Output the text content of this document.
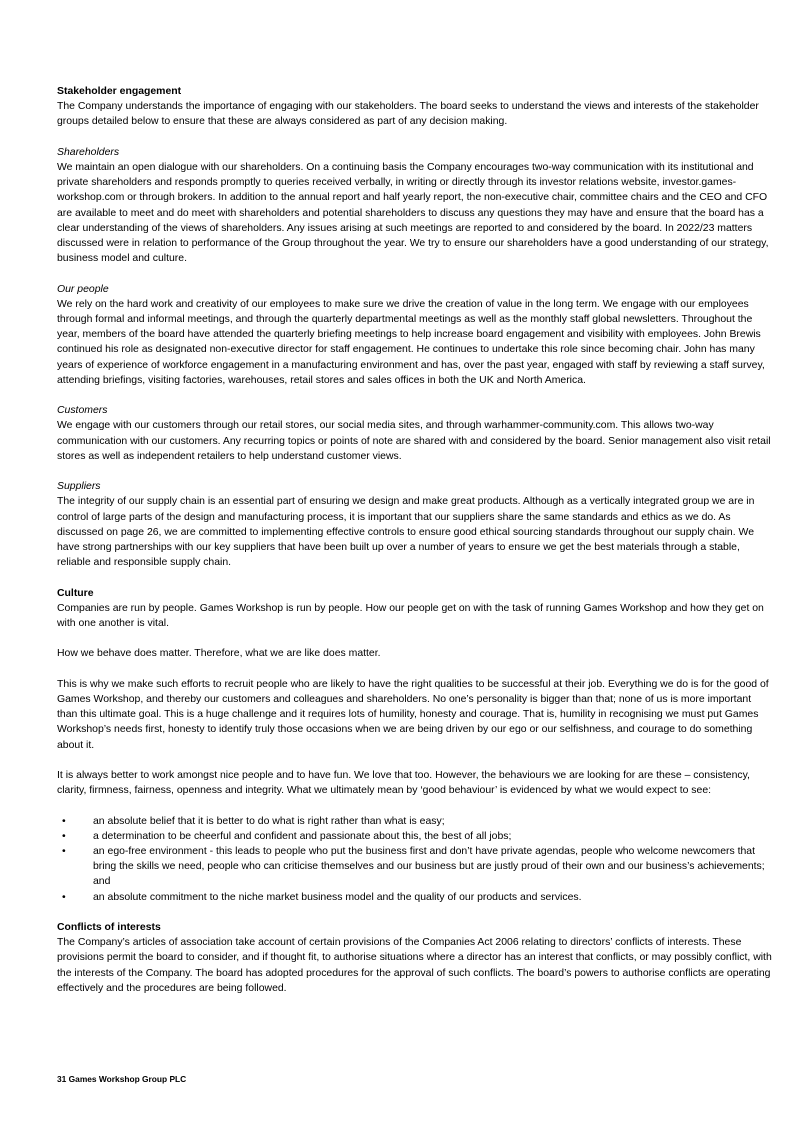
Stakeholder engagement

The Company understands the importance of engaging with our stakeholders. The board seeks to understand the views and interests of the stakeholder groups detailed below to ensure that these are always considered as part of any decision making.

Shareholders

We maintain an open dialogue with our shareholders. On a continuing basis the Company encourages two-way communication with its institutional and private shareholders and responds promptly to queries received verbally, in writing or directly through its investor relations website, investor.games-workshop.com or through brokers. In addition to the annual report and half yearly report, the non-executive chair, committee chairs and the CEO and CFO are available to meet and do meet with shareholders and potential shareholders to discuss any questions they may have and ensure that the board has a clear understanding of the views of shareholders. Any issues arising at such meetings are reported to and considered by the board. In 2022/23 matters discussed were in relation to performance of the Group throughout the year. We try to ensure our shareholders have a good understanding of our strategy, business model and culture.

Our people

We rely on the hard work and creativity of our employees to make sure we drive the creation of value in the long term. We engage with our employees through formal and informal meetings, and through the quarterly departmental meetings as well as the monthly staff global newsletters. Throughout the year, members of the board have attended the quarterly briefing meetings to help increase board engagement and visibility with employees. John Brewis continued his role as designated non-executive director for staff engagement. He continues to undertake this role since becoming chair. John has many years of experience of workforce engagement in a manufacturing environment and has, over the past year, engaged with staff by reviewing a staff survey, attending briefings, visiting factories, warehouses, retail stores and sales offices in both the UK and North America.

Customers

We engage with our customers through our retail stores, our social media sites, and through warhammer-community.com. This allows two-way communication with our customers. Any recurring topics or points of note are shared with and considered by the board. Senior management also visit retail stores as well as independent retailers to help understand customer views.

Suppliers

The integrity of our supply chain is an essential part of ensuring we design and make great products. Although as a vertically integrated group we are in control of large parts of the design and manufacturing process, it is important that our suppliers share the same standards and ethics as we do. As discussed on page 26, we are committed to implementing effective controls to ensure good ethical sourcing standards throughout our supply chain. We have strong partnerships with our key suppliers that have been built up over a number of years to ensure we get the best materials through a stable, reliable and responsible supply chain.

Culture

Companies are run by people. Games Workshop is run by people. How our people get on with the task of running Games Workshop and how they get on with one another is vital.

How we behave does matter. Therefore, what we are like does matter.

This is why we make such efforts to recruit people who are likely to have the right qualities to be successful at their job. Everything we do is for the good of Games Workshop, and thereby our customers and colleagues and shareholders. No one’s personality is bigger than that; none of us is more important than this ultimate goal. This is a huge challenge and it requires lots of humility, honesty and courage. That is, humility in recognising we must put Games Workshop’s needs first, honesty to identify truly those occasions when we are being driven by our ego or our selfishness, and courage to do something about it.

It is always better to work amongst nice people and to have fun. We love that too. However, the behaviours we are looking for are these – consistency, clarity, firmness, fairness, openness and integrity. What we ultimately mean by ‘good behaviour’ is evidenced by what we would expect to see:

•	an absolute belief that it is better to do what is right rather than what is easy;
•	a determination to be cheerful and confident and passionate about this, the best of all jobs;
•	an ego-free environment - this leads to people who put the business first and don’t have private agendas, people who welcome newcomers that bring the skills we need, people who can criticise themselves and our business but are justly proud of their own and our business’s achievements; and
•	an absolute commitment to the niche market business model and the quality of our products and services.
Conflicts of interests

The Company’s articles of association take account of certain provisions of the Companies Act 2006 relating to directors’ conflicts of interests. These provisions permit the board to consider, and if thought fit, to authorise situations where a director has an interest that conflicts, or may possibly conflict, with the interests of the Company. The board has adopted procedures for the approval of such conflicts. The board’s powers to authorise conflicts are operating effectively and the procedures are being followed.

31 Games Workshop Group PLC
